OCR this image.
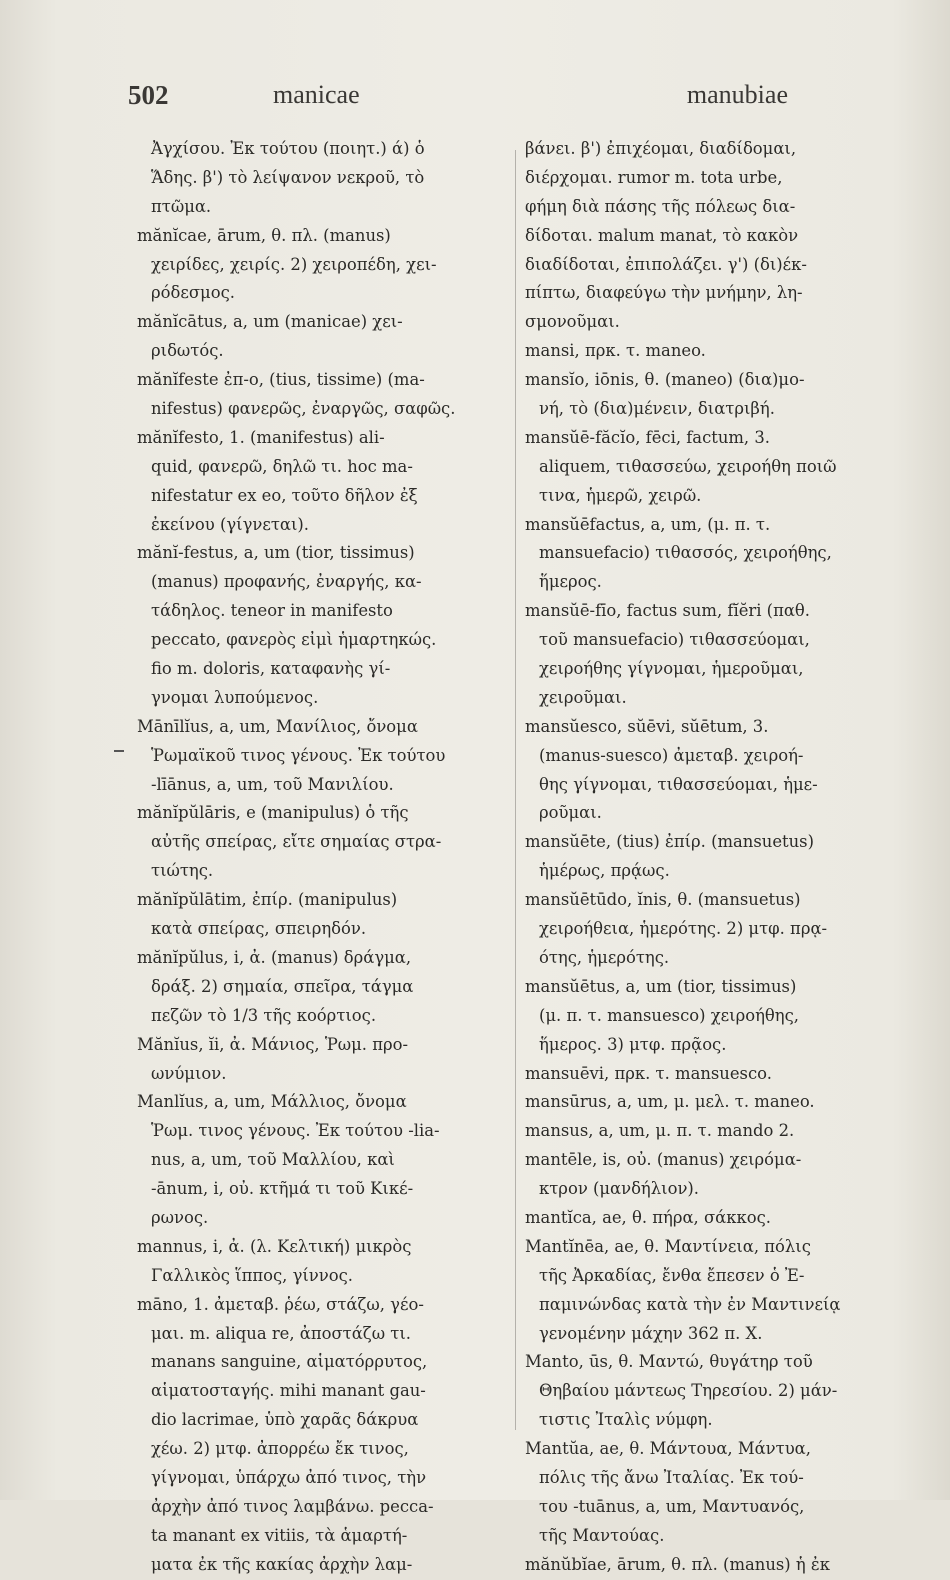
502	manicae	manubiae
Ἀγχίσου. Ἐκ τούτου (ποιητ.) ά) ὁ
Ἅδης. β') τὸ λείψανον νεκροῦ, τὸ
πτῶμα.
mănĭcae, ārum, θ. πλ. (manus)
χειρίδες, χειρίς. 2) χειροπέδη, χει-
ρόδεσμος.
mănĭcātus, a, um (manicae) χει-
ριδωτός.
mănĭfeste ἐπ-ο, (tius, tissime) (ma-
nifestus) φανερῶς, ἐναργῶς, σαφῶς.
mănĭfesto, 1. (manifestus) ali-
quid, φανερῶ, δηλῶ τι. hoc ma-
nifestatur ex eo, τοῦτο δῆλον ἐξ
ἐκείνου (γίγνεται).
mănĭ-festus, a, um (tior, tissimus)
(manus) προφανής, ἐναργής, κα-
τάδηλος. teneor in manifesto
peccato, φανερὸς εἰμὶ ἡμαρτηκώς.
fio m. doloris, καταφανὴς γί-
γνομαι λυπούμενος.
Mānīlĭus, a, um, Μανίλιος, ὄνομα
Ῥωμαϊκοῦ τινος γένους. Ἐκ τούτου
-līānus, a, um, τοῦ Μανιλίου.
mănĭpŭlāris, e (manipulus) ὁ τῆς
αὐτῆς σπείρας, εἴτε σημαίας στρα-
τιώτης.
mănĭpŭlātim, ἐπίρ. (manipulus)
κατὰ σπείρας, σπειρηδόν.
mănĭpŭlus, i, ἀ. (manus) δράγμα,
δράξ. 2) σημαία, σπεῖρα, τάγμα
πεζῶν τὸ 1/3 τῆς κοόρτιος.
Mănĭus, ĭi, ἀ. Μάνιος, Ῥωμ. προ-
ωνύμιον.
Manlĭus, a, um, Μάλλιος, ὄνομα
Ῥωμ. τινος γένους. Ἐκ τούτου -lia-
nus, a, um, τοῦ Μαλλίου, καὶ
-ānum, i, οὐ. κτῆμά τι τοῦ Κικέ-
ρωνος.
mannus, i, ἀ. (λ. Κελτική) μικρὸς
Γαλλικὸς ἵππος, γίννος.
māno, 1. ἀμεταβ. ῥέω, στάζω, γέο-
μαι. m. aliqua re, ἀποστάζω τι.
manans sanguine, αἱματόρρυτος,
αἱματοσταγής. mihi manant gau-
dio lacrimae, ὑπὸ χαρᾶς δάκρυα
χέω. 2) μτφ. ἀπορρέω ἔκ τινος,
γίγνομαι, ὑπάρχω ἀπό τινος, τὴν
ἀρχὴν ἀπό τινος λαμβάνω. pecca-
ta manant ex vitiis, τὰ ἁμαρτή-
ματα ἐκ τῆς κακίας ἀρχὴν λαμ-
βάνει. β') ἐπιχέομαι, διαδίδομαι,
διέρχομαι. rumor m. tota urbe,
φήμη διὰ πάσης τῆς πόλεως δια-
δίδοται. malum manat, τὸ κακὸν
διαδίδοται, ἐπιπολάζει. γ') (δι)έκ-
πίπτω, διαφεύγω τὴν μνήμην, λη-
σμονοῦμαι.
mansi, πρκ. τ. maneo.
mansĭo, iōnis, θ. (maneo) (δια)μο-
νή, τὸ (δια)μένειν, διατριβή.
mansŭē-făcĭo, fēci, factum, 3.
aliquem, τιθασσεύω, χειροήθη ποιῶ
τινα, ἡμερῶ, χειρῶ.
mansŭēfactus, a, um, (μ. π. τ.
mansuefacio) τιθασσός, χειροήθης,
ἥμερος.
mansŭē-fīo, factus sum, fĭĕri (παθ.
τοῦ mansuefacio) τιθασσεύομαι,
χειροήθης γίγνομαι, ἡμεροῦμαι,
χειροῦμαι.
mansŭesco, sŭēvi, sŭētum, 3.
(manus-suesco) ἀμεταβ. χειροή-
θης γίγνομαι, τιθασσεύομαι, ἡμε-
ροῦμαι.
mansŭēte, (tius) ἐπίρ. (mansuetus)
ἡμέρως, πρᾴως.
mansŭētūdo, ĭnis, θ. (mansuetus)
χειροήθεια, ἡμερότης. 2) μτφ. πρᾳ-
ότης, ἡμερότης.
mansŭētus, a, um (tior, tissimus)
(μ. π. τ. mansuesco) χειροήθης,
ἥμερος. 3) μτφ. πρᾷος.
mansuēvi, πρκ. τ. mansuesco.
mansūrus, a, um, μ. μελ. τ. maneo.
mansus, a, um, μ. π. τ. mando 2.
mantēle, is, οὐ. (manus) χειρόμα-
κτρον (μανδήλιον).
mantĭca, ae, θ. πήρα, σάκκος.
Mantĭnēa, ae, θ. Μαντίνεια, πόλις
τῆς Ἀρκαδίας, ἔνθα ἔπεσεν ὁ Ἐ-
παμινώνδας κατὰ τὴν ἐν Μαντινείᾳ
γενομένην μάχην 362 π. Χ.
Manto, ūs, θ. Μαντώ, θυγάτηρ τοῦ
Θηβαίου μάντεως Τηρεσίου. 2) μάν-
τιστις Ἰταλὶς νύμφη.
Mantŭa, ae, θ. Μάντουα, Μάντυα,
πόλις τῆς ἄνω Ἰταλίας. Ἐκ τού-
του -tuānus, a, um, Μαντυανός,
τῆς Μαντούας.
mănŭbĭae, ārum, θ. πλ. (manus) ἡ ἐκ
